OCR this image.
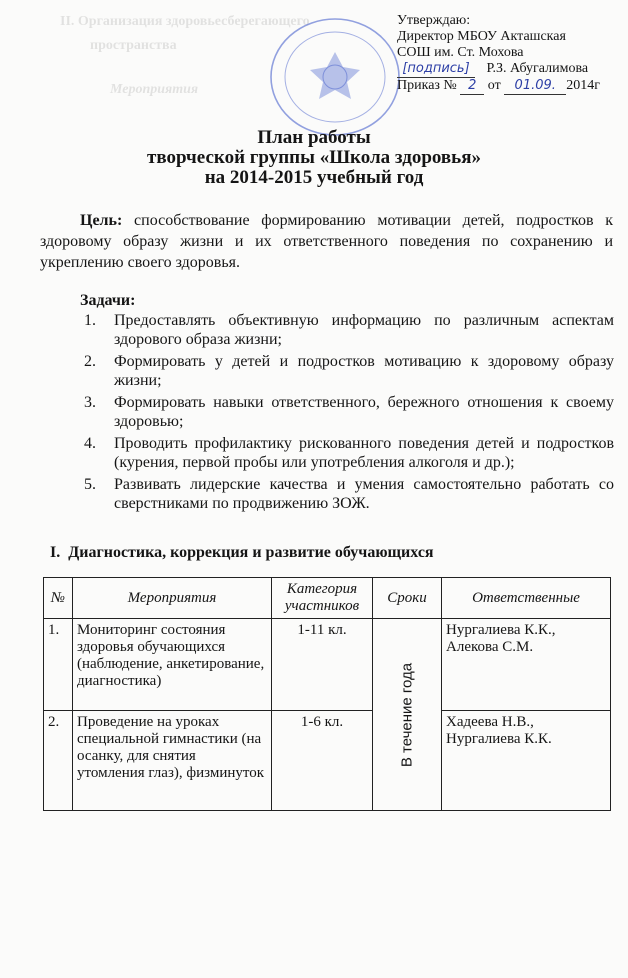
II. Организация здоровьесберегающего
пространства
Мероприятия
Утверждаю:
Директор МБОУ Акташская
СОШ им. Ст. Мохова
[подпись] Р.З. Абугалимова
Приказ № 2 от 01.09. 2014г
План работы
творческой группы «Школа здоровья»
на 2014-2015 учебный год
Цель: способствование формированию мотивации детей, подростков к здоровому образу жизни и их ответственного поведения по сохранению и укреплению своего здоровья.
Задачи:
1. Предоставлять объективную информацию по различным аспектам здорового образа жизни;
2. Формировать у детей и подростков мотивацию к здоровому образу жизни;
3. Формировать навыки ответственного, бережного отношения к своему здоровью;
4. Проводить профилактику рискованного поведения детей и подростков (курения, первой пробы или употребления алкоголя и др.);
5. Развивать лидерские качества и умения самостоятельно работать со сверстниками по продвижению ЗОЖ.
I. Диагностика, коррекция и развитие обучающихся
№	Мероприятия	Категория участников	Сроки	Ответственные
1.	Мониторинг состояния здоровья обучающихся (наблюдение, анкетирование, диагностика)	1-11 кл.	В течение года	Нургалиева К.К., Алекова С.М.
2.	Проведение на уроках специальной гимнастики (на осанку, для снятия утомления глаз), физминуток	1-6 кл.		Хадеева Н.В., Нургалиева К.К.
